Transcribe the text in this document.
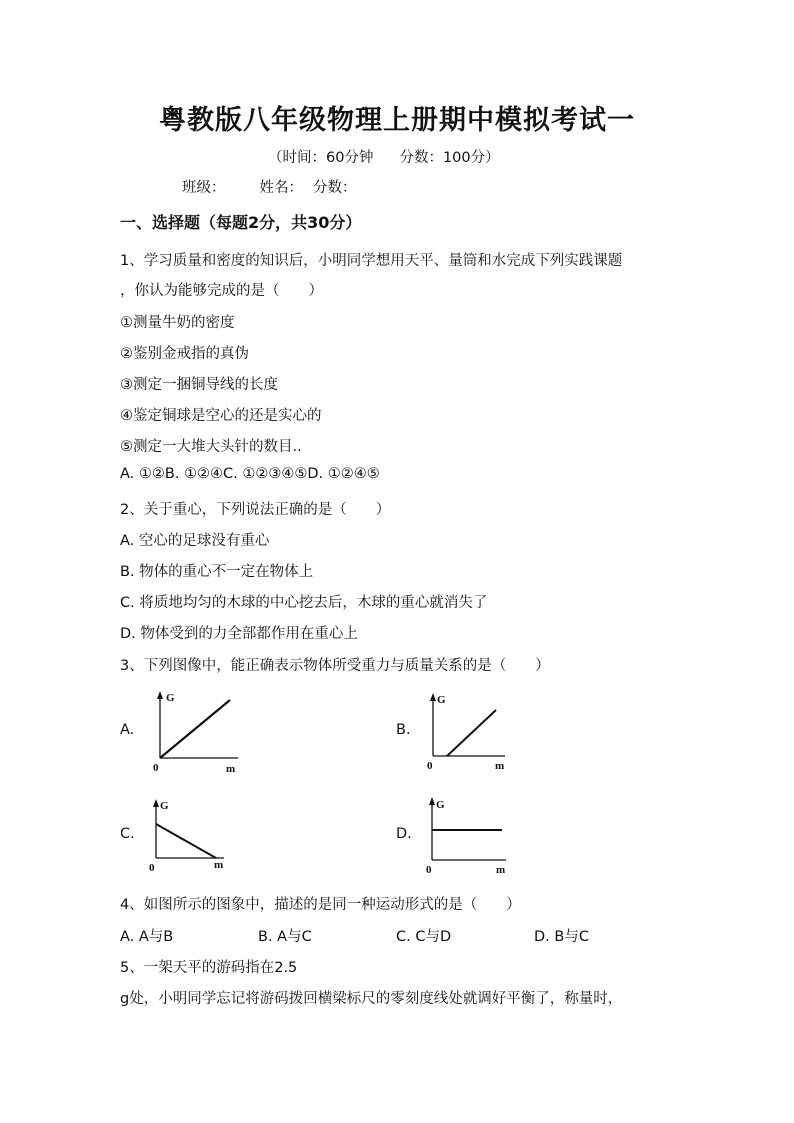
粤教版八年级物理上册期中模拟考试一
（时间：60分钟 分数：100分）
班级： 姓名： 分数：
一、选择题（每题2分，共30分）
1、学习质量和密度的知识后，小明同学想用天平、量筒和水完成下列实践课题
，你认为能够完成的是（　　）
①测量牛奶的密度
②鉴别金戒指的真伪
③测定一捆铜导线的长度
④鉴定铜球是空心的还是实心的
⑤测定一大堆大头针的数目..
A. ①②B. ①②④C. ①②③④⑤D. ①②④⑤
2、关于重心，下列说法正确的是（　　）
A. 空心的足球没有重心
B. 物体的重心不一定在物体上
C. 将质地均匀的木球的中心挖去后，木球的重心就消失了
D. 物体受到的力全部都作用在重心上
3、下列图像中，能正确表示物体所受重力与质量关系的是（　　）
A.
G
0	m
B.
G
0	m
C.
G
0	m
D.
G
0	m
4、如图所示的图象中，描述的是同一种运动形式的是（　　）
A. A与B	B. A与C	C. C与D	D. B与C
5、一架天平的游码指在2.5
g处，小明同学忘记将游码拨回横梁标尺的零刻度线处就调好平衡了，称量时，
